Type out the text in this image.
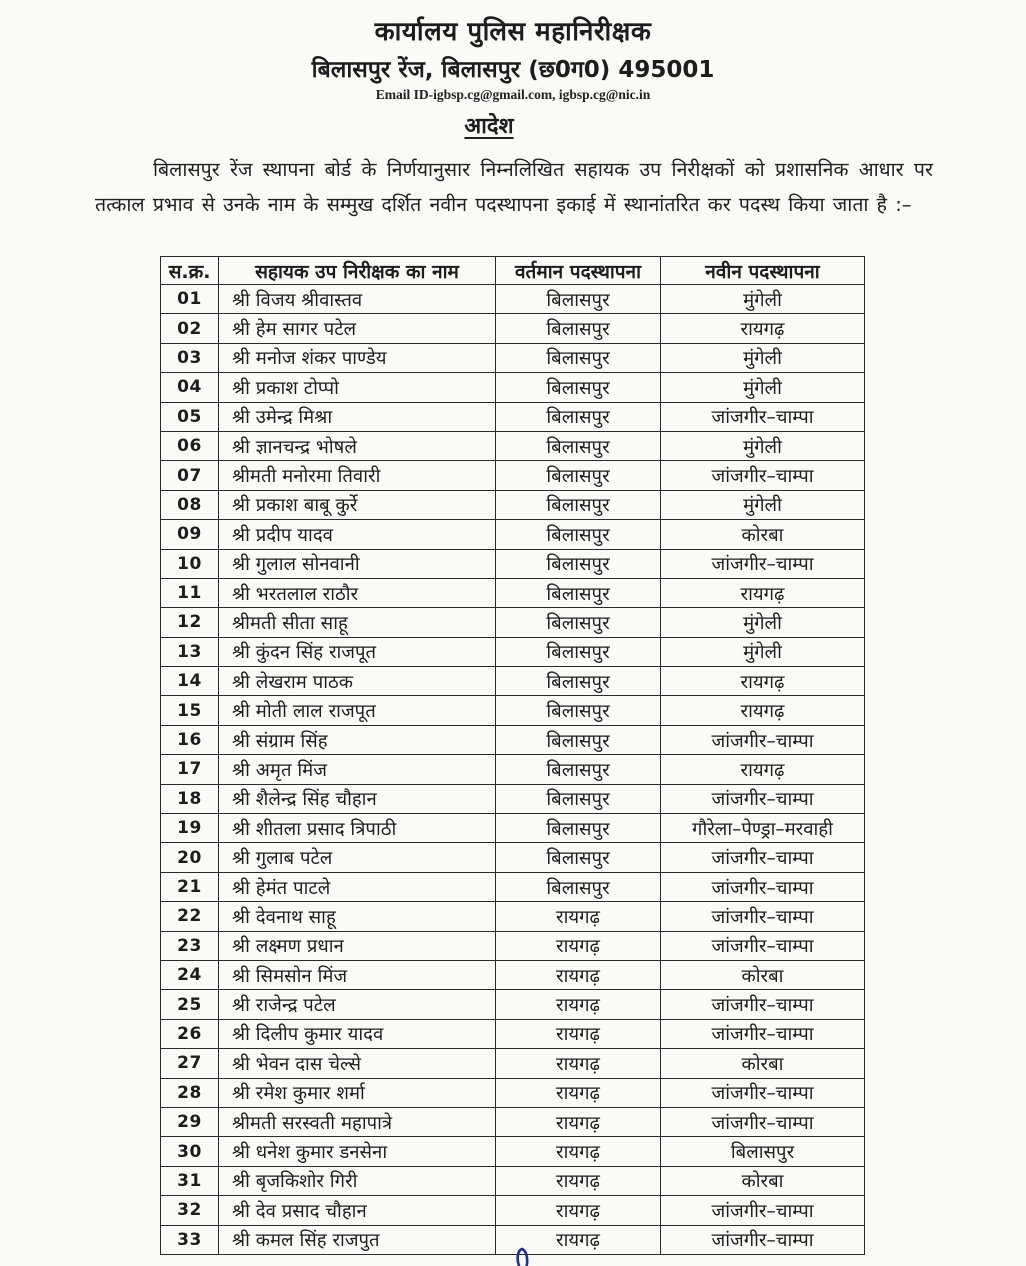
कार्यालय पुलिस महानिरीक्षक
बिलासपुर रेंज, बिलासपुर (छ0ग0) 495001
Email ID-igbsp.cg@gmail.com, igbsp.cg@nic.in
आदेश

बिलासपुर रेंज स्थापना बोर्ड के निर्णयानुसार निम्नलिखित सहायक उप निरीक्षकों को प्रशासनिक आधार पर तत्काल प्रभाव से उनके नाम के सम्मुख दर्शित नवीन पदस्थापना इकाई में स्थानांतरित कर पदस्थ किया जाता है :–

स.क्र.	सहायक उप निरीक्षक का नाम	वर्तमान पदस्थापना	नवीन पदस्थापना
01	श्री विजय श्रीवास्तव	बिलासपुर	मुंगेली
02	श्री हेम सागर पटेल	बिलासपुर	रायगढ़
03	श्री मनोज शंकर पाण्डेय	बिलासपुर	मुंगेली
04	श्री प्रकाश टोप्पो	बिलासपुर	मुंगेली
05	श्री उमेन्द्र मिश्रा	बिलासपुर	जांजगीर–चाम्पा
06	श्री ज्ञानचन्द्र भोषले	बिलासपुर	मुंगेली
07	श्रीमती मनोरमा तिवारी	बिलासपुर	जांजगीर–चाम्पा
08	श्री प्रकाश बाबू कुर्रे	बिलासपुर	मुंगेली
09	श्री प्रदीप यादव	बिलासपुर	कोरबा
10	श्री गुलाल सोनवानी	बिलासपुर	जांजगीर–चाम्पा
11	श्री भरतलाल राठौर	बिलासपुर	रायगढ़
12	श्रीमती सीता साहू	बिलासपुर	मुंगेली
13	श्री कुंदन सिंह राजपूत	बिलासपुर	मुंगेली
14	श्री लेखराम पाठक	बिलासपुर	रायगढ़
15	श्री मोती लाल राजपूत	बिलासपुर	रायगढ़
16	श्री संग्राम सिंह	बिलासपुर	जांजगीर–चाम्पा
17	श्री अमृत मिंज	बिलासपुर	रायगढ़
18	श्री शैलेन्द्र सिंह चौहान	बिलासपुर	जांजगीर–चाम्पा
19	श्री शीतला प्रसाद त्रिपाठी	बिलासपुर	गौरेला–पेण्ड्रा–मरवाही
20	श्री गुलाब पटेल	बिलासपुर	जांजगीर–चाम्पा
21	श्री हेमंत पाटले	बिलासपुर	जांजगीर–चाम्पा
22	श्री देवनाथ साहू	रायगढ़	जांजगीर–चाम्पा
23	श्री लक्ष्मण प्रधान	रायगढ़	जांजगीर–चाम्पा
24	श्री सिमसोन मिंज	रायगढ़	कोरबा
25	श्री राजेन्द्र पटेल	रायगढ़	जांजगीर–चाम्पा
26	श्री दिलीप कुमार यादव	रायगढ़	जांजगीर–चाम्पा
27	श्री भेवन दास चेल्से	रायगढ़	कोरबा
28	श्री रमेश कुमार शर्मा	रायगढ़	जांजगीर–चाम्पा
29	श्रीमती सरस्वती महापात्रे	रायगढ़	जांजगीर–चाम्पा
30	श्री धनेश कुमार डनसेना	रायगढ़	बिलासपुर
31	श्री बृजकिशोर गिरी	रायगढ़	कोरबा
32	श्री देव प्रसाद चौहान	रायगढ़	जांजगीर–चाम्पा
33	श्री कमल सिंह राजपुत	रायगढ़	जांजगीर–चाम्पा
